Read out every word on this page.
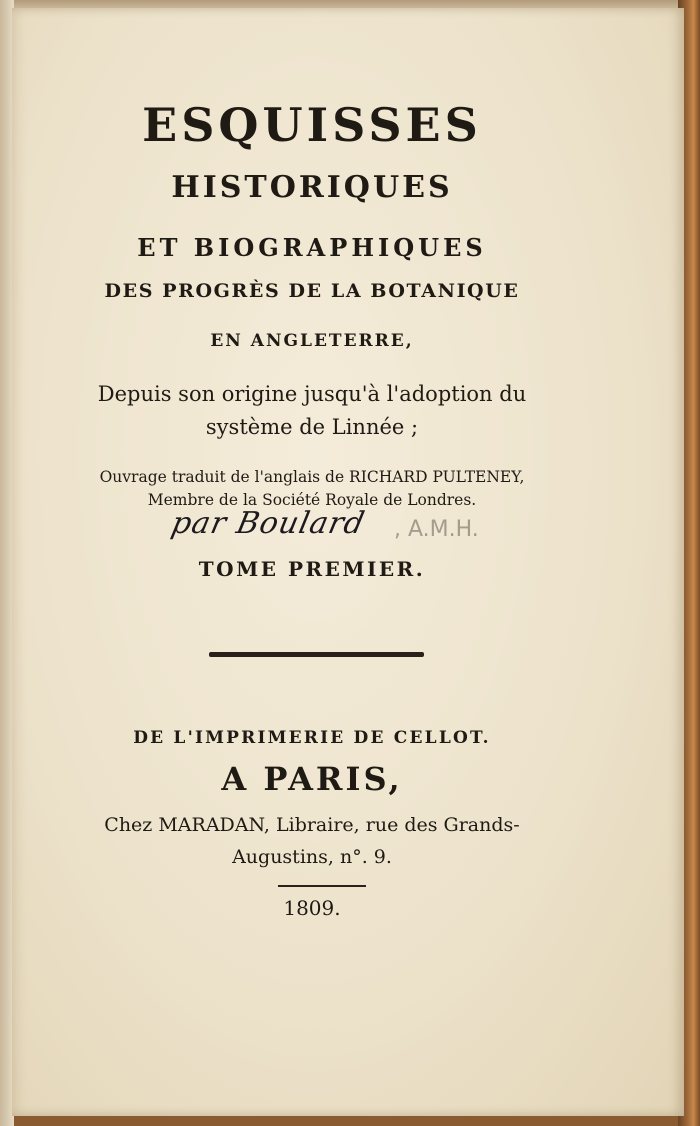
ESQUISSES
HISTORIQUES
ET BIOGRAPHIQUES
DES PROGRÈS DE LA BOTANIQUE
EN ANGLETERRE,
Depuis son origine jusqu'à l'adoption du
système de Linnée ;
Ouvrage traduit de l'anglais de RICHARD PULTENEY,
Membre de la Société Royale de Londres.
par Boulard , A.M.H.
TOME PREMIER.
DE L'IMPRIMERIE DE CELLOT.
A PARIS,
Chez MARADAN, Libraire, rue des Grands-
Augustins, n°. 9.
1809.
